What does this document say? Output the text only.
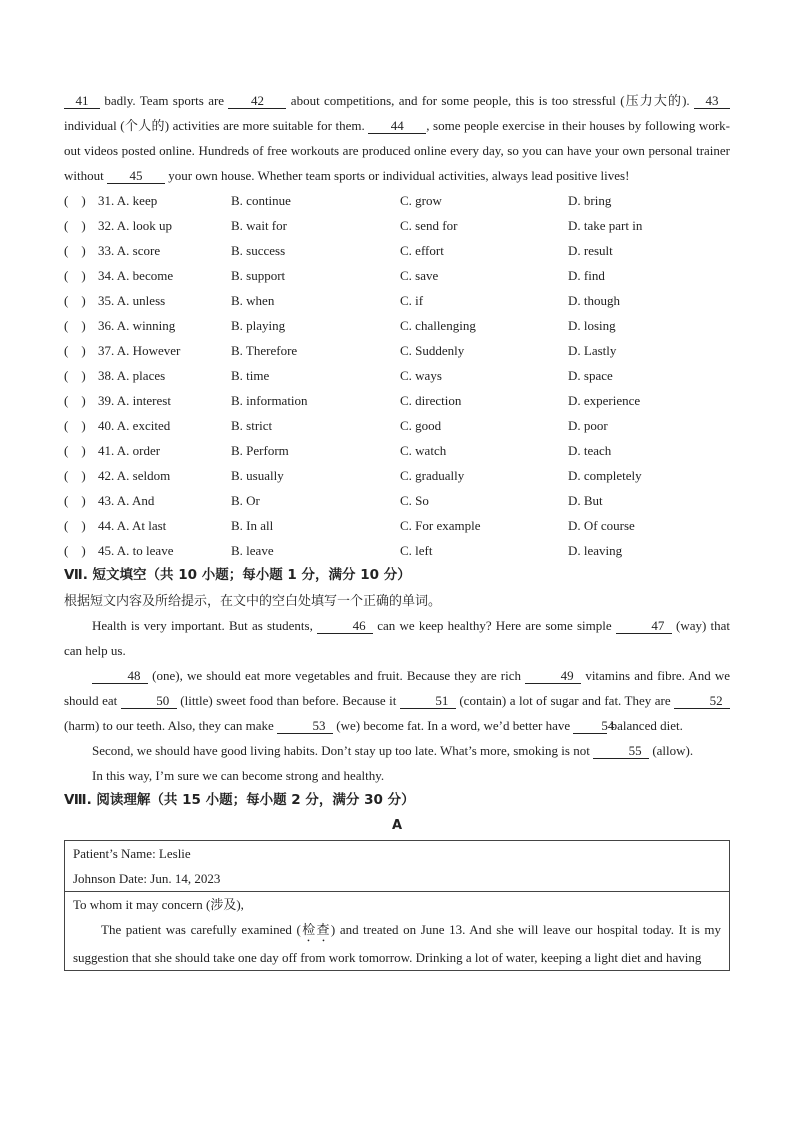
41 badly. Team sports are 42 about competitions, and for some people, this is too stressful (压力大的). 43 individual (个人的) activities are more suitable for them. 44 , some people exercise in their houses by following work-out videos posted online. Hundreds of free workouts are produced online every day, so you can have your own personal trainer without 45 your own house. Whether team sports or individual activities, always lead positive lives!
(    ) 31. A. keep	B. continue	C. grow	D. bring
(    ) 32. A. look up	B. wait for	C. send for	D. take part in
(    ) 33. A. score	B. success	C. effort	D. result
(    ) 34. A. become	B. support	C. save	D. find
(    ) 35. A. unless	B. when	C. if	D. though
(    ) 36. A. winning	B. playing	C. challenging	D. losing
(    ) 37. A. However	B. Therefore	C. Suddenly	D. Lastly
(    ) 38. A. places	B. time	C. ways	D. space
(    ) 39. A. interest	B. information	C. direction	D. experience
(    ) 40. A. excited	B. strict	C. good	D. poor
(    ) 41. A. order	B. Perform	C. watch	D. teach
(    ) 42. A. seldom	B. usually	C. gradually	D. completely
(    ) 43. A. And	B. Or	C. So	D. But
(    ) 44. A. At last	B. In all	C. For example	D. Of course
(    ) 45. A. to leave	B. leave	C. left	D. leaving
Ⅶ. 短文填空（共 10 小题；每小题 1 分，满分 10 分）
根据短文内容及所给提示，在文中的空白处填写一个正确的单词。
Health is very important. But as students,	46 can we keep healthy? Here are some simple	47 (way) that can help us.
48 (one), we should eat more vegetables and fruit. Because they are rich	49 vitamins and fibre. And we should eat	50 (little) sweet food than before. Because it	51 (contain) a lot of sugar and fat. They are	52 (harm) to our teeth. Also, they can make	53 (we) become fat. In a word, we’d better have 54 balanced diet.
Second, we should have good living habits. Don’t stay up too late. What’s more, smoking is not	55 (allow).
In this way, I’m sure we can become strong and healthy.
Ⅷ. 阅读理解（共 15 小题；每小题 2 分，满分 30 分）
A
Patient’s Name: Leslie
Johnson Date: Jun. 14, 2023
To whom it may concern (涉及),
The patient was carefully examined (检查) and treated on June 13. And she will leave our hospital today. It is my suggestion that she should take one day off from work tomorrow. Drinking a lot of water, keeping a light diet and having
